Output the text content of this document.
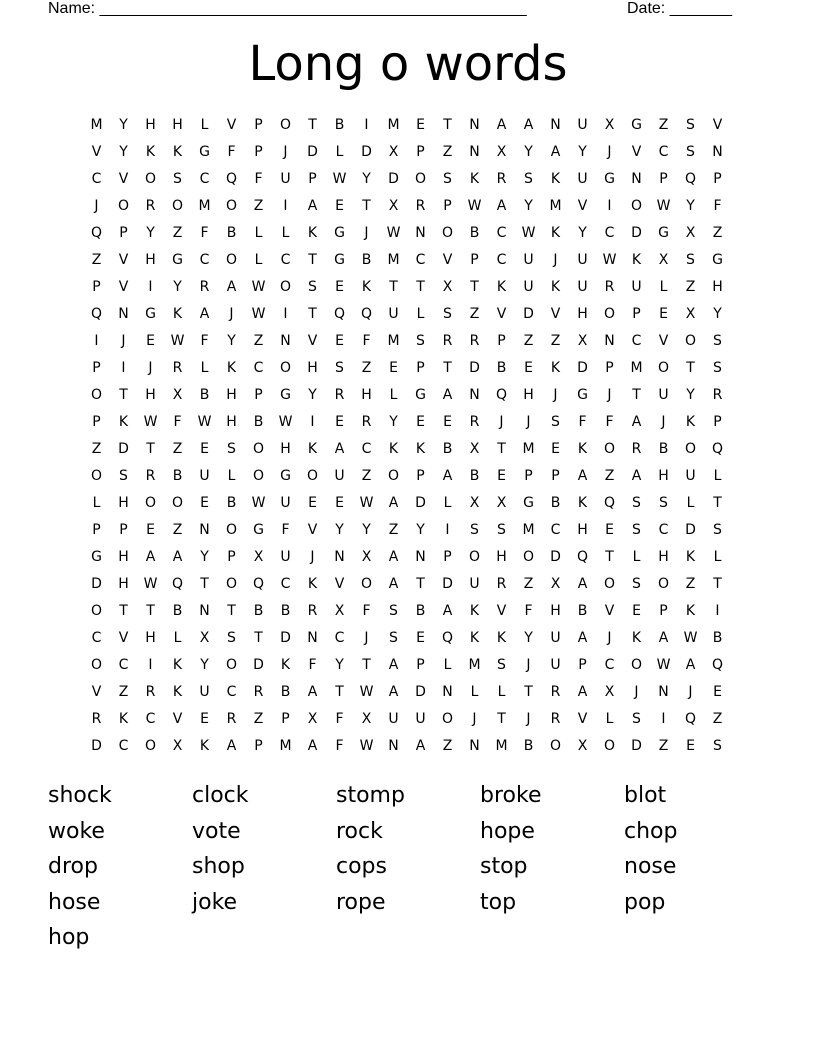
Name: ________________________________________________	Date: _______
Long o words
M	Y	H	H	L	V	P	O	T	B	I	M	E	T	N	A	A	N	U	X	G	Z	S	V
V	Y	K	K	G	F	P	J	D	L	D	X	P	Z	N	X	Y	A	Y	J	V	C	S	N
C	V	O	S	C	Q	F	U	P	W	Y	D	O	S	K	R	S	K	U	G	N	P	Q	P
J	O	R	O	M	O	Z	I	A	E	T	X	R	P	W	A	Y	M	V	I	O	W	Y	F
Q	P	Y	Z	F	B	L	L	K	G	J	W	N	O	B	C	W	K	Y	C	D	G	X	Z
Z	V	H	G	C	O	L	C	T	G	B	M	C	V	P	C	U	J	U	W	K	X	S	G
P	V	I	Y	R	A	W	O	S	E	K	T	T	X	T	K	U	K	U	R	U	L	Z	H
Q	N	G	K	A	J	W	I	T	Q	Q	U	L	S	Z	V	D	V	H	O	P	E	X	Y
I	J	E	W	F	Y	Z	N	V	E	F	M	S	R	R	P	Z	Z	X	N	C	V	O	S
P	I	J	R	L	K	C	O	H	S	Z	E	P	T	D	B	E	K	D	P	M	O	T	S
O	T	H	X	B	H	P	G	Y	R	H	L	G	A	N	Q	H	J	G	J	T	U	Y	R
P	K	W	F	W	H	B	W	I	E	R	Y	E	E	R	J	J	S	F	F	A	J	K	P
Z	D	T	Z	E	S	O	H	K	A	C	K	K	B	X	T	M	E	K	O	R	B	O	Q
O	S	R	B	U	L	O	G	O	U	Z	O	P	A	B	E	P	P	A	Z	A	H	U	L
L	H	O	O	E	B	W	U	E	E	W	A	D	L	X	X	G	B	K	Q	S	S	L	T
P	P	E	Z	N	O	G	F	V	Y	Y	Z	Y	I	S	S	M	C	H	E	S	C	D	S
G	H	A	A	Y	P	X	U	J	N	X	A	N	P	O	H	O	D	Q	T	L	H	K	L
D	H	W	Q	T	O	Q	C	K	V	O	A	T	D	U	R	Z	X	A	O	S	O	Z	T
O	T	T	B	N	T	B	B	R	X	F	S	B	A	K	V	F	H	B	V	E	P	K	I
C	V	H	L	X	S	T	D	N	C	J	S	E	Q	K	K	Y	U	A	J	K	A	W	B
O	C	I	K	Y	O	D	K	F	Y	T	A	P	L	M	S	J	U	P	C	O	W	A	Q
V	Z	R	K	U	C	R	B	A	T	W	A	D	N	L	L	T	R	A	X	J	N	J	E
R	K	C	V	E	R	Z	P	X	F	X	U	U	O	J	T	J	R	V	L	S	I	Q	Z
D	C	O	X	K	A	P	M	A	F	W	N	A	Z	N	M	B	O	X	O	D	Z	E	S
shock	clock	stomp	broke	blot
woke	vote	rock	hope	chop
drop	shop	cops	stop	nose
hose	joke	rope	top	pop
hop
